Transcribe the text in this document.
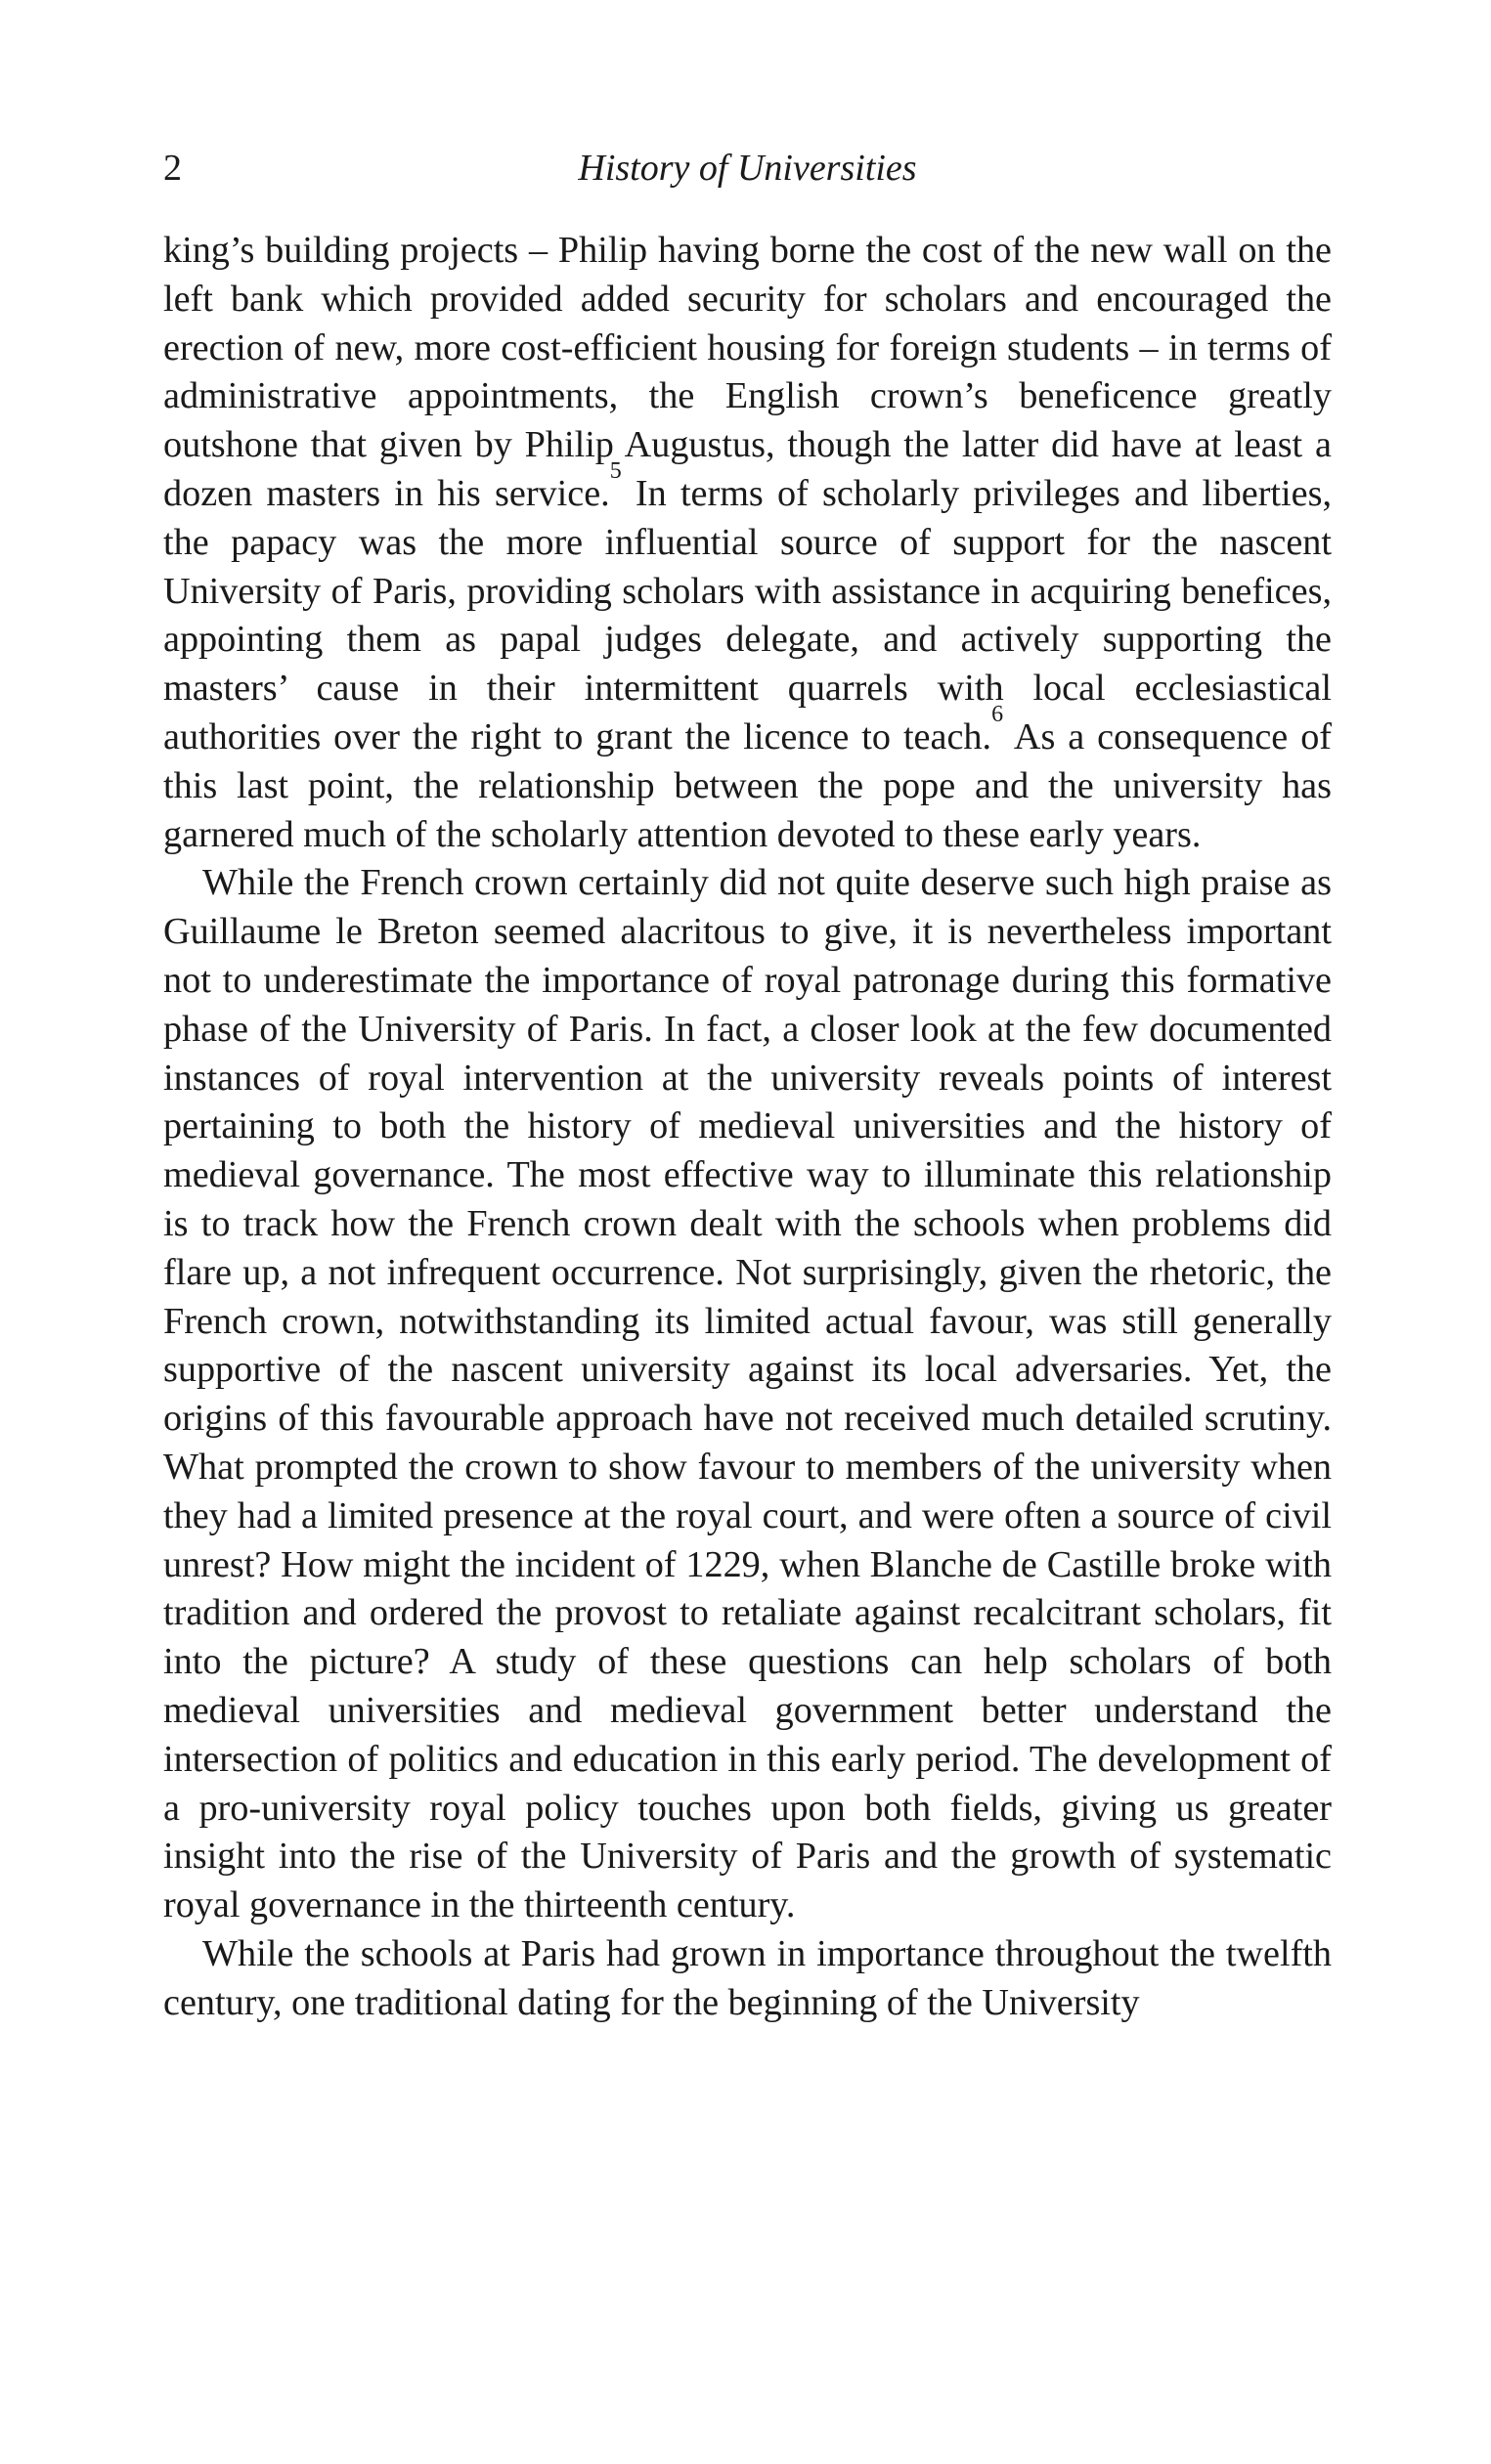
2	History of Universities

king’s building projects – Philip having borne the cost of the new wall on the left bank which provided added security for scholars and encouraged the erection of new, more cost-efficient housing for foreign students – in terms of administrative appointments, the English crown’s beneficence greatly outshone that given by Philip Augustus, though the latter did have at least a dozen masters in his service.$^5$ In terms of scholarly privileges and liberties, the papacy was the more influential source of support for the nascent University of Paris, providing scholars with assistance in acquiring benefices, appointing them as papal judges delegate, and actively supporting the masters’ cause in their intermittent quarrels with local ecclesiastical authorities over the right to grant the licence to teach.$^6$ As a consequence of this last point, the relationship between the pope and the university has garnered much of the scholarly attention devoted to these early years.

While the French crown certainly did not quite deserve such high praise as Guillaume le Breton seemed alacritous to give, it is nevertheless important not to underestimate the importance of royal patronage during this formative phase of the University of Paris. In fact, a closer look at the few documented instances of royal intervention at the university reveals points of interest pertaining to both the history of medieval universities and the history of medieval governance. The most effective way to illuminate this relationship is to track how the French crown dealt with the schools when problems did flare up, a not infrequent occurrence. Not surprisingly, given the rhetoric, the French crown, notwithstanding its limited actual favour, was still generally supportive of the nascent university against its local adversaries. Yet, the origins of this favourable approach have not received much detailed scrutiny. What prompted the crown to show favour to members of the university when they had a limited presence at the royal court, and were often a source of civil unrest? How might the incident of 1229, when Blanche de Castille broke with tradition and ordered the provost to retaliate against recalcitrant scholars, fit into the picture? A study of these questions can help scholars of both medieval universities and medieval government better understand the intersection of politics and education in this early period. The development of a pro-university royal policy touches upon both fields, giving us greater insight into the rise of the University of Paris and the growth of systematic royal governance in the thirteenth century.

While the schools at Paris had grown in importance throughout the twelfth century, one traditional dating for the beginning of the University
